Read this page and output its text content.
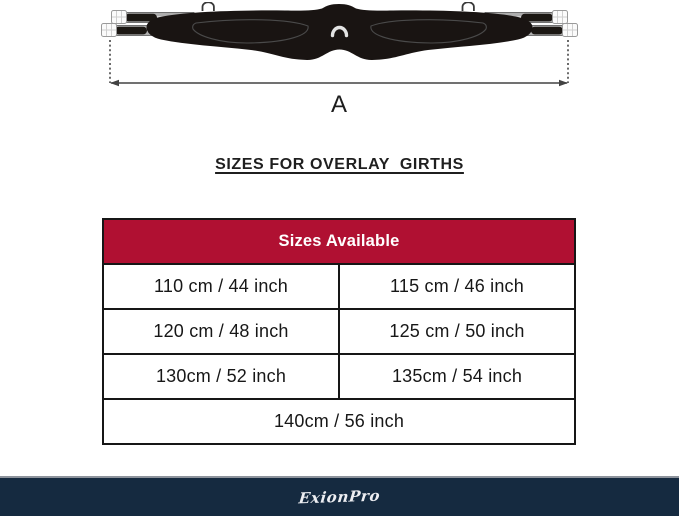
A
SIZES FOR OVERLAY  GIRTHS
Sizes Available	
110 cm / 44 inch	115 cm / 46 inch
120 cm / 48 inch	125 cm / 50 inch
130cm / 52 inch	135cm / 54 inch
140cm / 56 inch	
ExionPro
